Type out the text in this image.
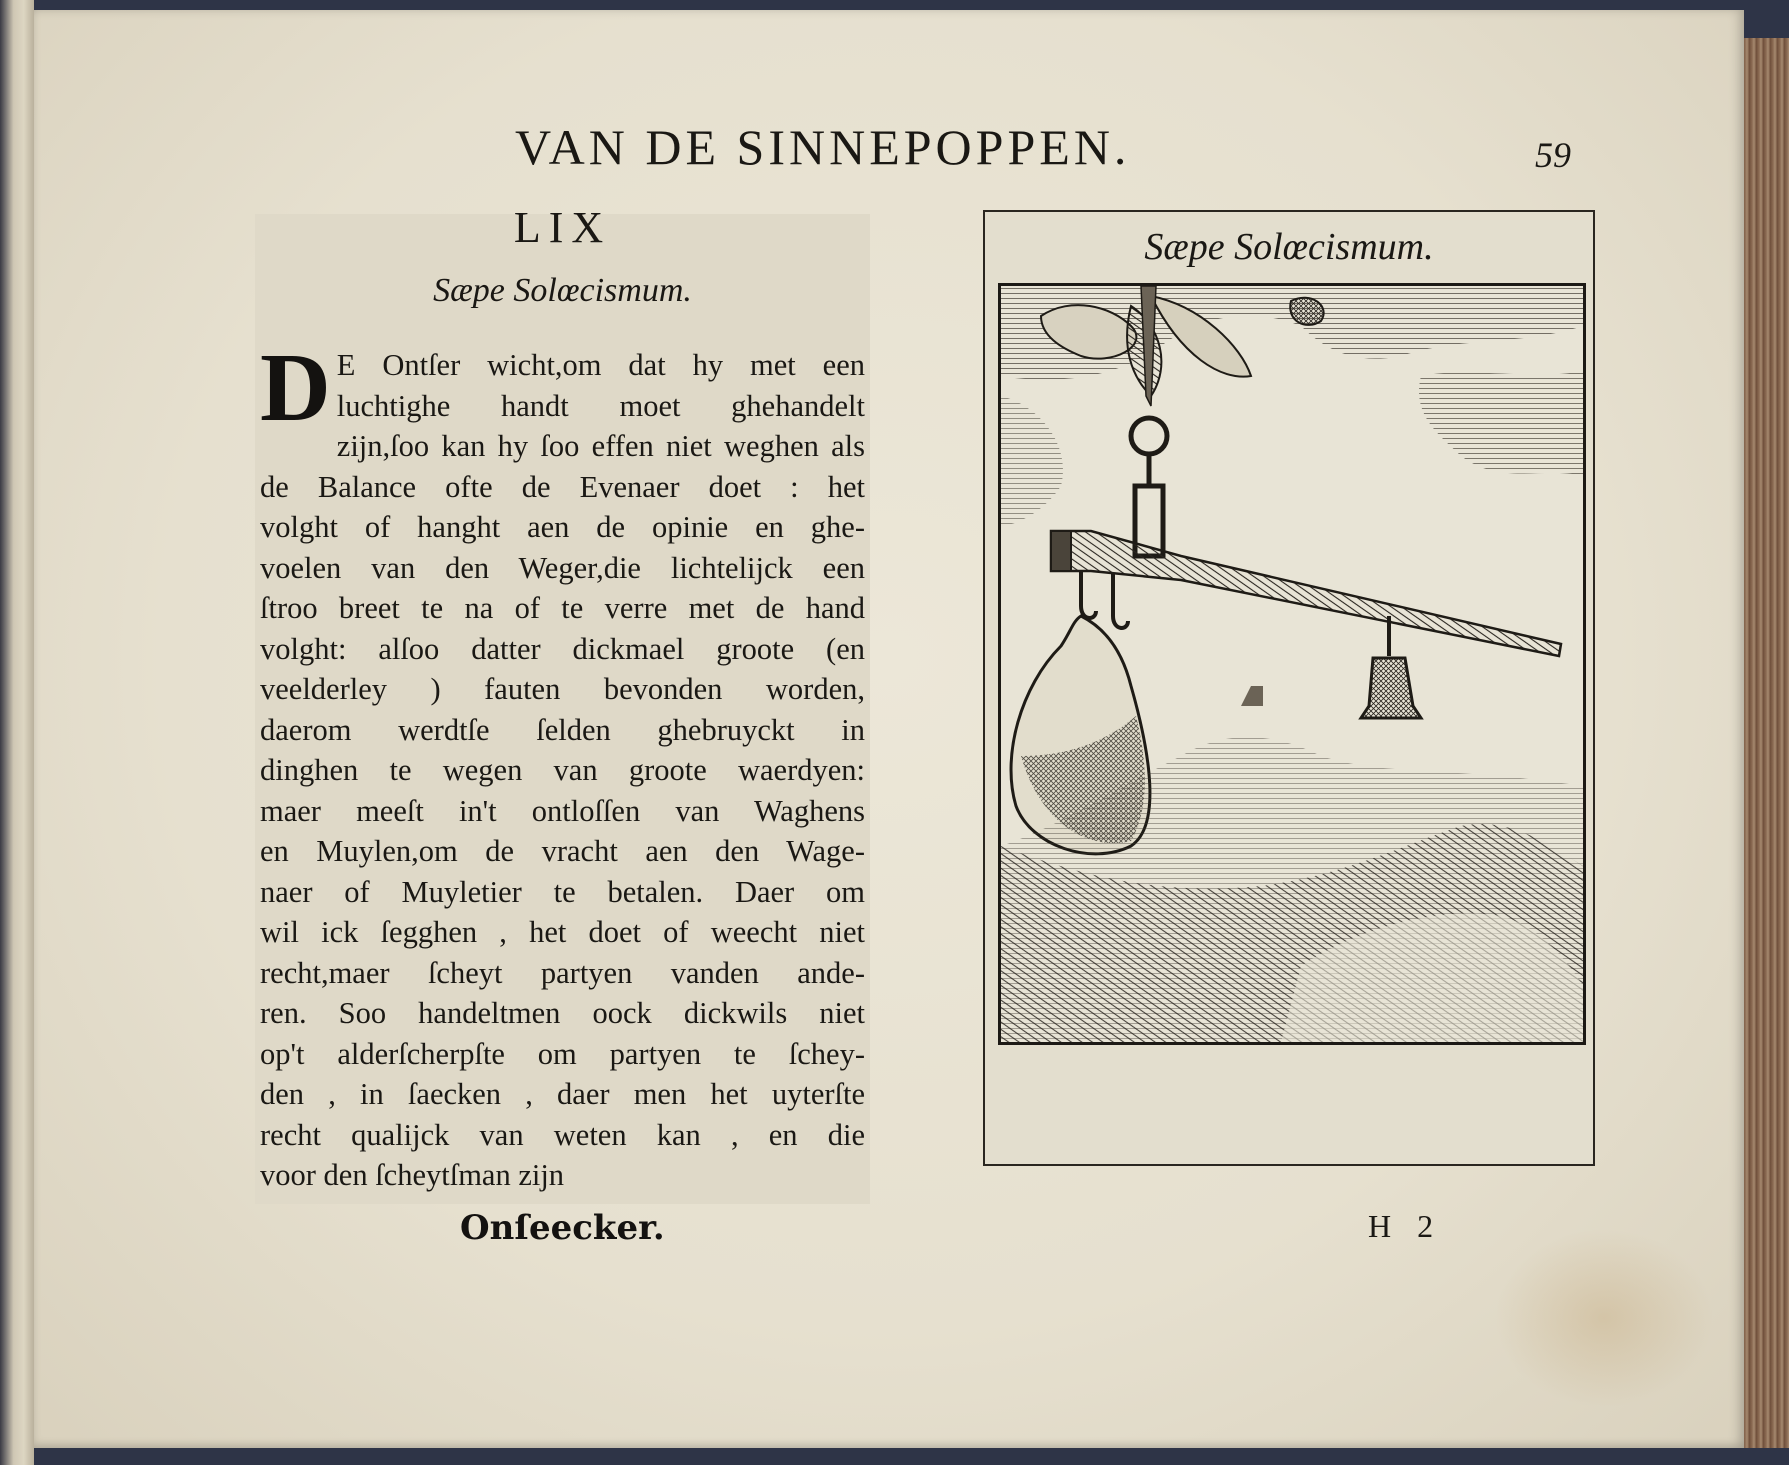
VAN DE SINNEPOPPEN.	59
LIX
Sæpe Solœcismum.
D E Ontſer wicht,om dat hy met een
luchtighe handt moet ghehandelt
zijn,ſoo kan hy ſoo effen niet weghen als
de Balance ofte de Evenaer doet : het
volght of hanght aen de opinie en ghe-
voelen van den Weger,die lichtelijck een
ſtroo breet te na of te verre met de hand
volght: alſoo datter dickmael groote (en
veelderley ) fauten bevonden worden,
daerom werdtſe ſelden ghebruyckt in
dinghen te wegen van groote waerdyen:
maer meeſt in't ontloſſen van Waghens
en Muylen,om de vracht aen den Wage-
naer of Muyletier te betalen. Daer om
wil ick ſegghen , het doet of weecht niet
recht,maer ſcheyt partyen vanden ande-
ren. Soo handeltmen oock dickwils niet
op't alderſcherpſte om partyen te ſchey-
den , in ſaecken , daer men het uyterſte
recht qualijck van weten kan , en die
voor den ſcheytſman zijn
Onſeecker.	H 2
Sæpe Solœcismum.
